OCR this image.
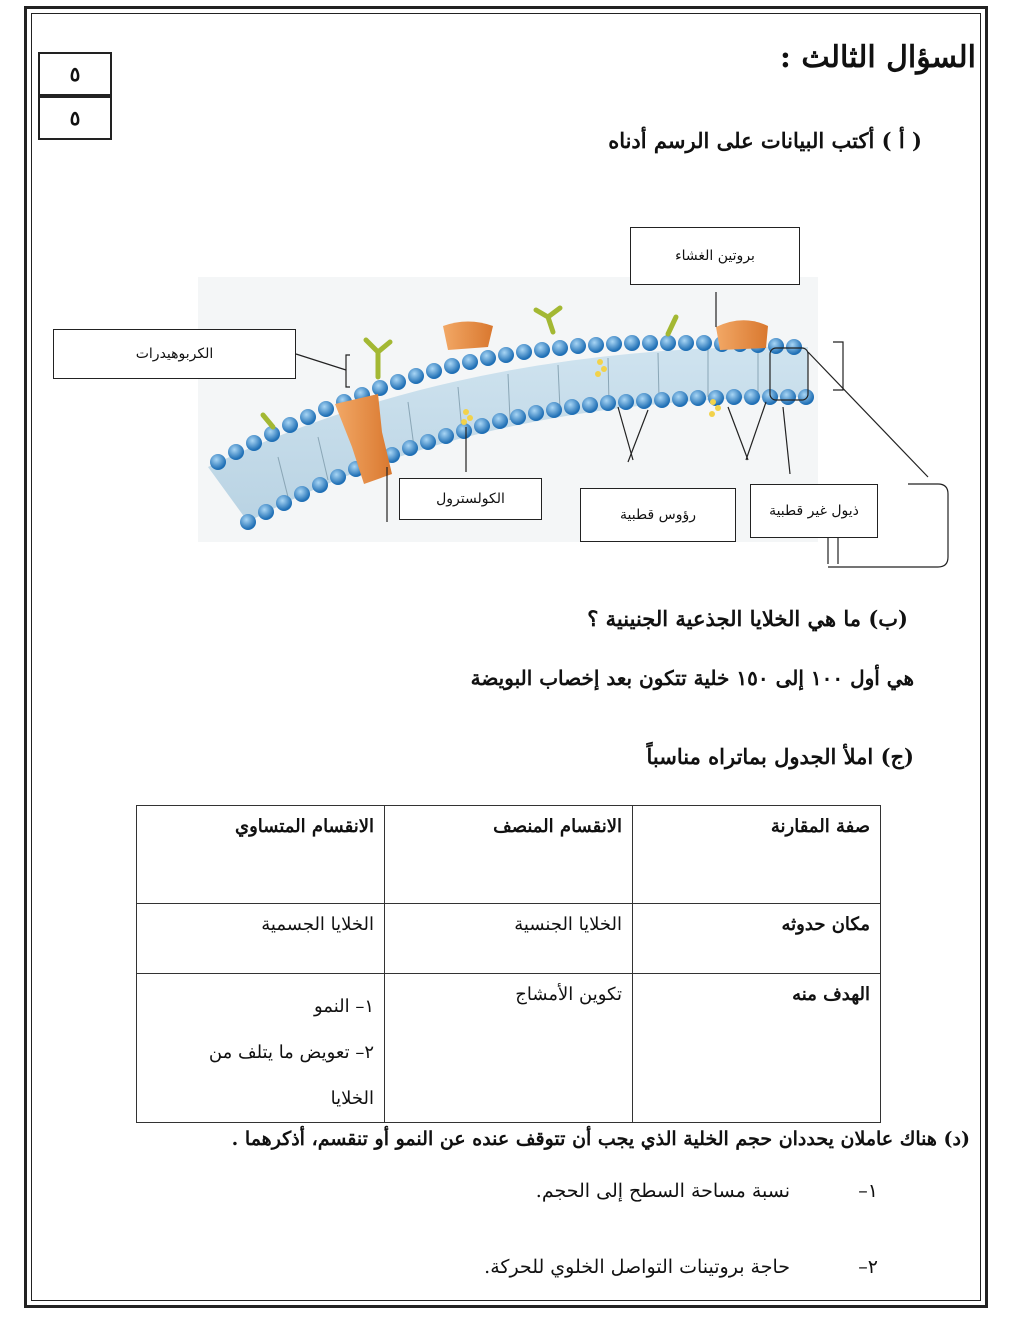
٥
٥
السؤال الثالث :
( أ ) أكتب البيانات على الرسم أدناه
بروتين الغشاء
الكربوهيدرات
الكولسترول
رؤوس قطبية	ذيول غير قطبية
(ب) ما هي الخلايا الجذعية الجنينية ؟
هي أول ١٠٠ إلى ١٥٠ خلية تتكون بعد إخصاب البويضة
(ج) املأ الجدول بماتراه مناسباً
صفة المقارنة	الانقسام المنصف	الانقسام المتساوي
مكان حدوثه	الخلايا الجنسية	الخلايا الجسمية
الهدف منه	تكوين الأمشاج	١– النمو
٢– تعويض ما يتلف من
الخلايا
(د) هناك عاملان يحددان حجم الخلية الذي يجب أن تتوقف عنده عن النمو أو تنقسم، أذكرهما .
١–
نسبة مساحة السطح إلى الحجم.
٢–
حاجة بروتينات التواصل الخلوي للحركة.
